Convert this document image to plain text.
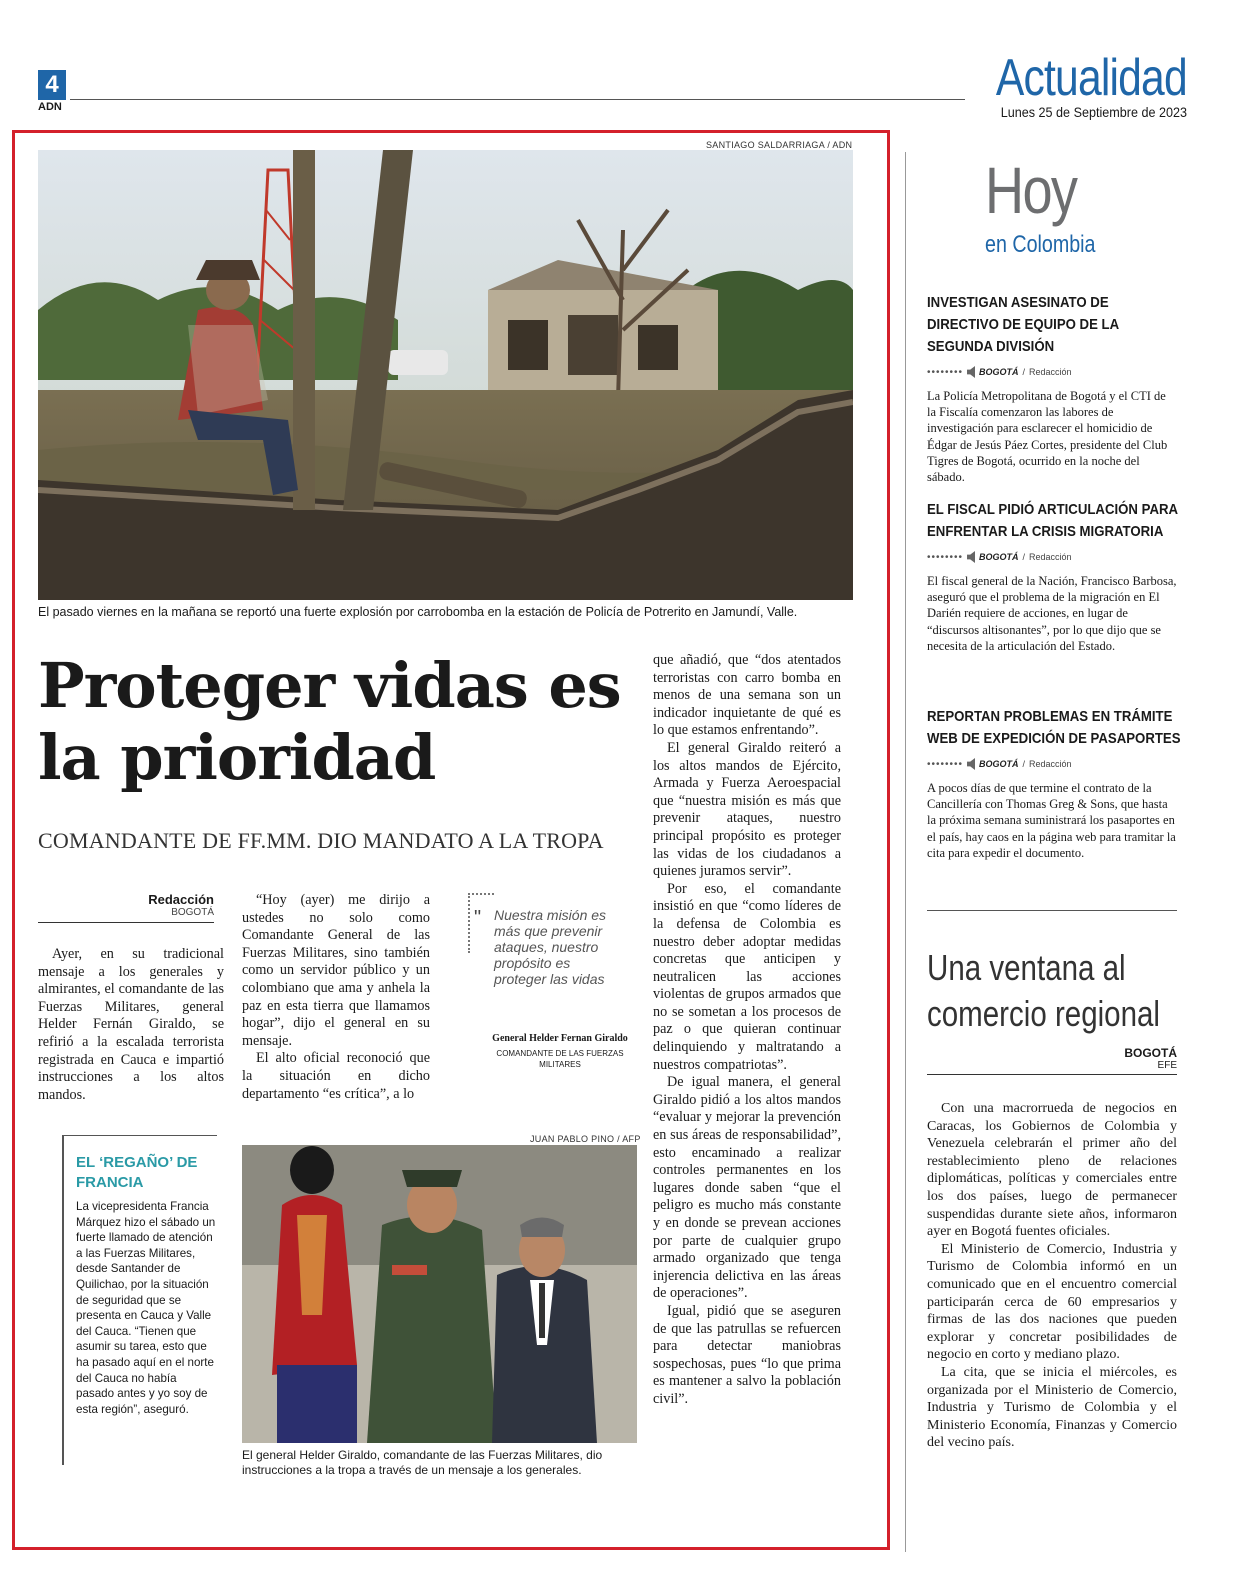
4
ADN	Actualidad
Lunes 25 de Septiembre de 2023
SANTIAGO SALDARRIAGA / ADN
El pasado viernes en la mañana se reportó una fuerte explosión por carrobomba en la estación de Policía de Potrerito en Jamundí, Valle.
Proteger vidas es la prioridad
COMANDANTE DE FF.MM. DIO MANDATO A LA TROPA
Redacción
BOGOTÁ

Ayer, en su tradicional mensaje a los generales y almirantes, el comandante de las Fuerzas Militares, general Helder Fernán Giraldo, se refirió a la escalada terrorista registrada en Cauca e impartió instrucciones a los altos mandos.

“Hoy (ayer) me dirijo a ustedes no solo como Comandante General de las Fuerzas Militares, sino también como un servidor público y un colombiano que ama y anhela la paz en esta tierra que llamamos hogar”, dijo el general en su mensaje.

El alto oficial reconoció que la situación en dicho departamento “es crítica”, a lo

" Nuestra misión es más que prevenir ataques, nuestro propósito es proteger las vidas
General Helder Fernan Giraldo
COMANDANTE DE LAS FUERZAS MILITARES

que añadió, que “dos atentados terroristas con carro bomba en menos de una semana son un indicador inquietante de qué es lo que estamos enfrentando”.

El general Giraldo reiteró a los altos mandos de Ejército, Armada y Fuerza Aeroespacial que “nuestra misión es más que prevenir ataques, nuestro principal propósito es proteger las vidas de los ciudadanos a quienes juramos servir”.

Por eso, el comandante insistió en que “como líderes de la defensa de Colombia es nuestro deber adoptar medidas concretas que anticipen y neutralicen las acciones violentas de grupos armados que no se sometan a los procesos de paz o que quieran continuar delinquiendo y maltratando a nuestros compatriotas”.

De igual manera, el general Giraldo pidió a los altos mandos “evaluar y mejorar la prevención en sus áreas de responsabilidad”, esto encaminado a realizar controles permanentes en los lugares donde saben “que el peligro es mucho más constante y en donde se prevean acciones por parte de cualquier grupo armado organizado que tenga injerencia delictiva en las áreas de operaciones”.

Igual, pidió que se aseguren de que las patrullas se refuercen para detectar maniobras sospechosas, pues “lo que prima es mantener a salvo la población civil”.

EL ‘REGAÑO’ DE FRANCIA
La vicepresidenta Francia Márquez hizo el sábado un fuerte llamado de atención a las Fuerzas Militares, desde Santander de Quilichao, por la situación de seguridad que se presenta en Cauca y Valle del Cauca. “Tienen que asumir su tarea, esto que ha pasado aquí en el norte del Cauca no había pasado antes y yo soy de esta región”, aseguró.
JUAN PABLO PINO / AFP
El general Helder Giraldo, comandante de las Fuerzas Militares, dio instrucciones a la tropa a través de un mensaje a los generales.
Hoy
en Colombia
INVESTIGAN ASESINATO DE DIRECTIVO DE EQUIPO DE LA SEGUNDA DIVISIÓN
•••••••• BOGOTÁ / Redacción
La Policía Metropolitana de Bogotá y el CTI de la Fiscalía comenzaron las labores de investigación para esclarecer el homicidio de Édgar de Jesús Páez Cortes, presidente del Club Tigres de Bogotá, ocurrido en la noche del sábado.
EL FISCAL PIDIÓ ARTICULACIÓN PARA ENFRENTAR LA CRISIS MIGRATORIA
•••••••• BOGOTÁ / Redacción
El fiscal general de la Nación, Francisco Barbosa, aseguró que el problema de la migración en El Darién requiere de acciones, en lugar de “discursos altisonantes”, por lo que dijo que se necesita de la articulación del Estado.
REPORTAN PROBLEMAS EN TRÁMITE WEB DE EXPEDICIÓN DE PASAPORTES
•••••••• BOGOTÁ / Redacción
A pocos días de que termine el contrato de la Cancillería con Thomas Greg & Sons, que hasta la próxima semana suministrará los pasaportes en el país, hay caos en la página web para tramitar la cita para expedir el documento.
Una ventana al comercio regional
BOGOTÁ
EFE

Con una macrorrueda de negocios en Caracas, los Gobiernos de Colombia y Venezuela celebrarán el primer año del restablecimiento pleno de relaciones diplomáticas, políticas y comerciales entre los dos países, luego de permanecer suspendidas durante siete años, informaron ayer en Bogotá fuentes oficiales.

El Ministerio de Comercio, Industria y Turismo de Colombia informó en un comunicado que en el encuentro comercial participarán cerca de 60 empresarios y firmas de las dos naciones que pueden explorar y concretar posibilidades de negocio en corto y mediano plazo.

La cita, que se inicia el miércoles, es organizada por el Ministerio de Comercio, Industria y Turismo de Colombia y el Ministerio Economía, Finanzas y Comercio del vecino país.
